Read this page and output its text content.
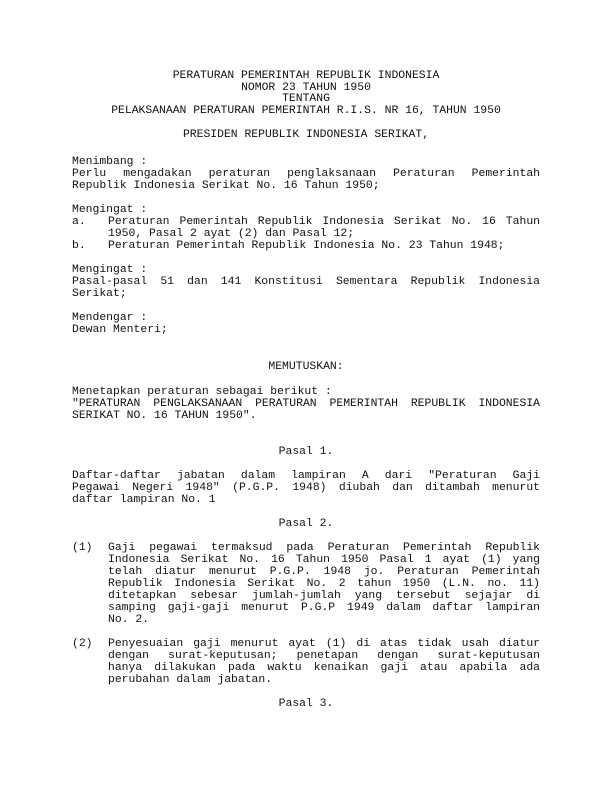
PERATURAN PEMERINTAH REPUBLIK INDONESIA
NOMOR 23 TAHUN 1950
TENTANG
PELAKSANAAN PERATURAN PEMERINTAH R.I.S. NR 16, TAHUN 1950
PRESIDEN REPUBLIK INDONESIA SERIKAT,
Menimbang :
Perlu mengadakan peraturan penglaksanaan Peraturan Pemerintah
Republik Indonesia Serikat No. 16 Tahun 1950;
Mengingat :
a. Peraturan Pemerintah Republik Indonesia Serikat No. 16 Tahun
1950, Pasal 2 ayat (2) dan Pasal 12;
b. Peraturan Pemerintah Republik Indonesia No. 23 Tahun 1948;
Mengingat :
Pasal-pasal 51 dan 141 Konstitusi Sementara Republik Indonesia
Serikat;
Mendengar :
Dewan Menteri;
MEMUTUSKAN:
Menetapkan peraturan sebagai berikut :
"PERATURAN PENGLAKSANAAN PERATURAN PEMERINTAH REPUBLIK INDONESIA
SERIKAT NO. 16 TAHUN 1950".
Pasal 1.
Daftar-daftar jabatan dalam lampiran A dari "Peraturan Gaji
Pegawai Negeri 1948" (P.G.P. 1948) diubah dan ditambah menurut
daftar lampiran No. 1
Pasal 2.
(1) Gaji pegawai termaksud pada Peraturan Pemerintah Republik
Indonesia Serikat No. 16 Tahun 1950 Pasal 1 ayat (1) yang
telah diatur menurut P.G.P. 1948 jo. Peraturan Pemerintah
Republik Indonesia Serikat No. 2 tahun 1950 (L.N. no. 11)
ditetapkan sebesar jumlah-jumlah yang tersebut sejajar di
samping gaji-gaji menurut P.G.P 1949 dalam daftar lampiran
No. 2.
(2) Penyesuaian gaji menurut ayat (1) di atas tidak usah diatur
dengan surat-keputusan; penetapan dengan surat-keputusan
hanya dilakukan pada waktu kenaikan gaji atau apabila ada
perubahan dalam jabatan.
Pasal 3.
